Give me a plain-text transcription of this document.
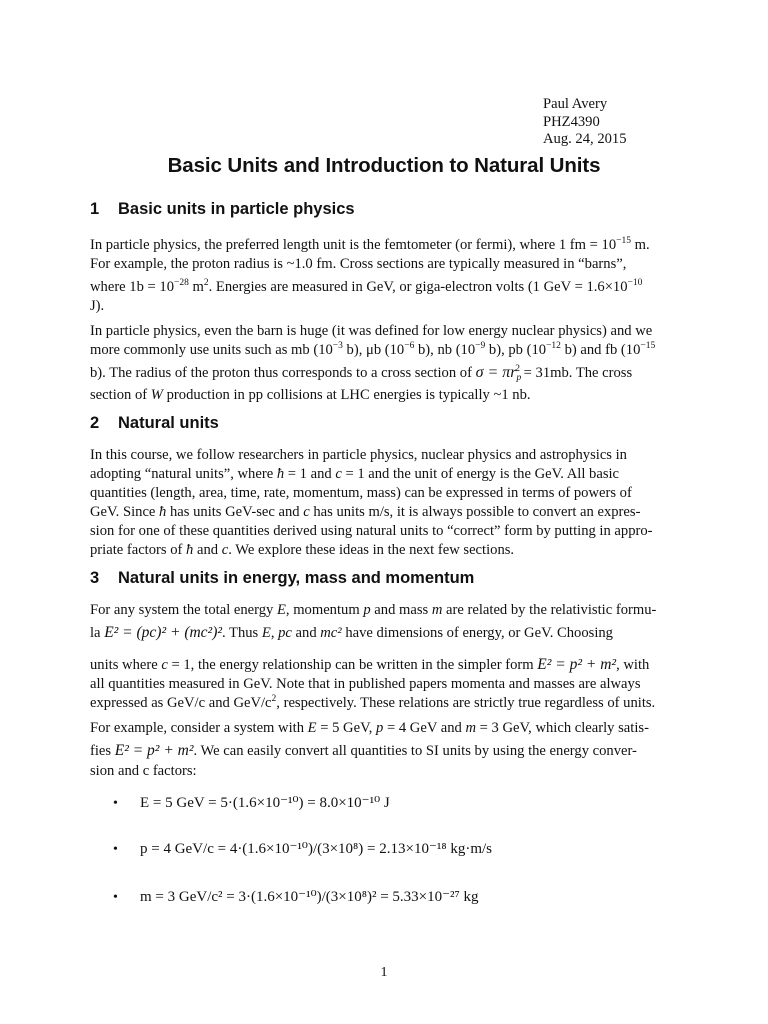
Paul Avery
PHZ4390
Aug. 24, 2015
Basic Units and Introduction to Natural Units
1 Basic units in particle physics
In particle physics, the preferred length unit is the femtometer (or fermi), where 1 fm = $10^{-15}$ m.
For example, the proton radius is ~1.0 fm. Cross sections are typically measured in “barns”,
where $1b = 10^{-28}$ $m^2$. Energies are measured in GeV, or giga-electron volts (1 GeV = $1.6\times 10^{-10}$
J).
In particle physics, even the barn is huge (it was defined for low energy nuclear physics) and we
more commonly use units such as mb ($10^{-3}$ b), μb ($10^{-6}$ b), nb ($10^{-9}$ b), pb ($10^{-12}$ b) and fb ($10^{-15}$
b). The radius of the proton thus corresponds to a cross section of $\sigma = \pi r_p^2 = 31mb$. The cross
section of W production in pp collisions at LHC energies is typically ~1 nb.
2 Natural units
In this course, we follow researchers in particle physics, nuclear physics and astrophysics in
adopting “natural units”, where ħ = 1 and c = 1 and the unit of energy is the GeV. All basic
quantities (length, area, time, rate, momentum, mass) can be expressed in terms of powers of
GeV. Since ħ has units GeV-sec and c has units m/s, it is always possible to convert an expres-
sion for one of these quantities derived using natural units to “correct” form by putting in appro-
priate factors of ħ and c. We explore these ideas in the next few sections.
3 Natural units in energy, mass and momentum
For any system the total energy E, momentum p and mass m are related by the relativistic formu-
la E² = (pc)² + (mc²)². Thus E, pc and mc² have dimensions of energy, or GeV. Choosing
units where c = 1, the energy relationship can be written in the simpler form E² = p² + m², with
all quantities measured in GeV. Note that in published papers momenta and masses are always
expressed as GeV/c and GeV/$c^2$, respectively. These relations are strictly true regardless of units.
For example, consider a system with E = 5 GeV, p = 4 GeV and m = 3 GeV, which clearly satis-
fies E² = p² + m². We can easily convert all quantities to SI units by using the energy conver-
sion and c factors:
• E = 5 GeV = 5·(1.6×10⁻¹⁰) = 8.0×10⁻¹⁰ J
• p = 4 GeV/c = 4·(1.6×10⁻¹⁰)/(3×10⁸) = 2.13×10⁻¹⁸ kg·m/s
• m = 3 GeV/c² = 3·(1.6×10⁻¹⁰)/(3×10⁸)² = 5.33×10⁻²⁷ kg
1
